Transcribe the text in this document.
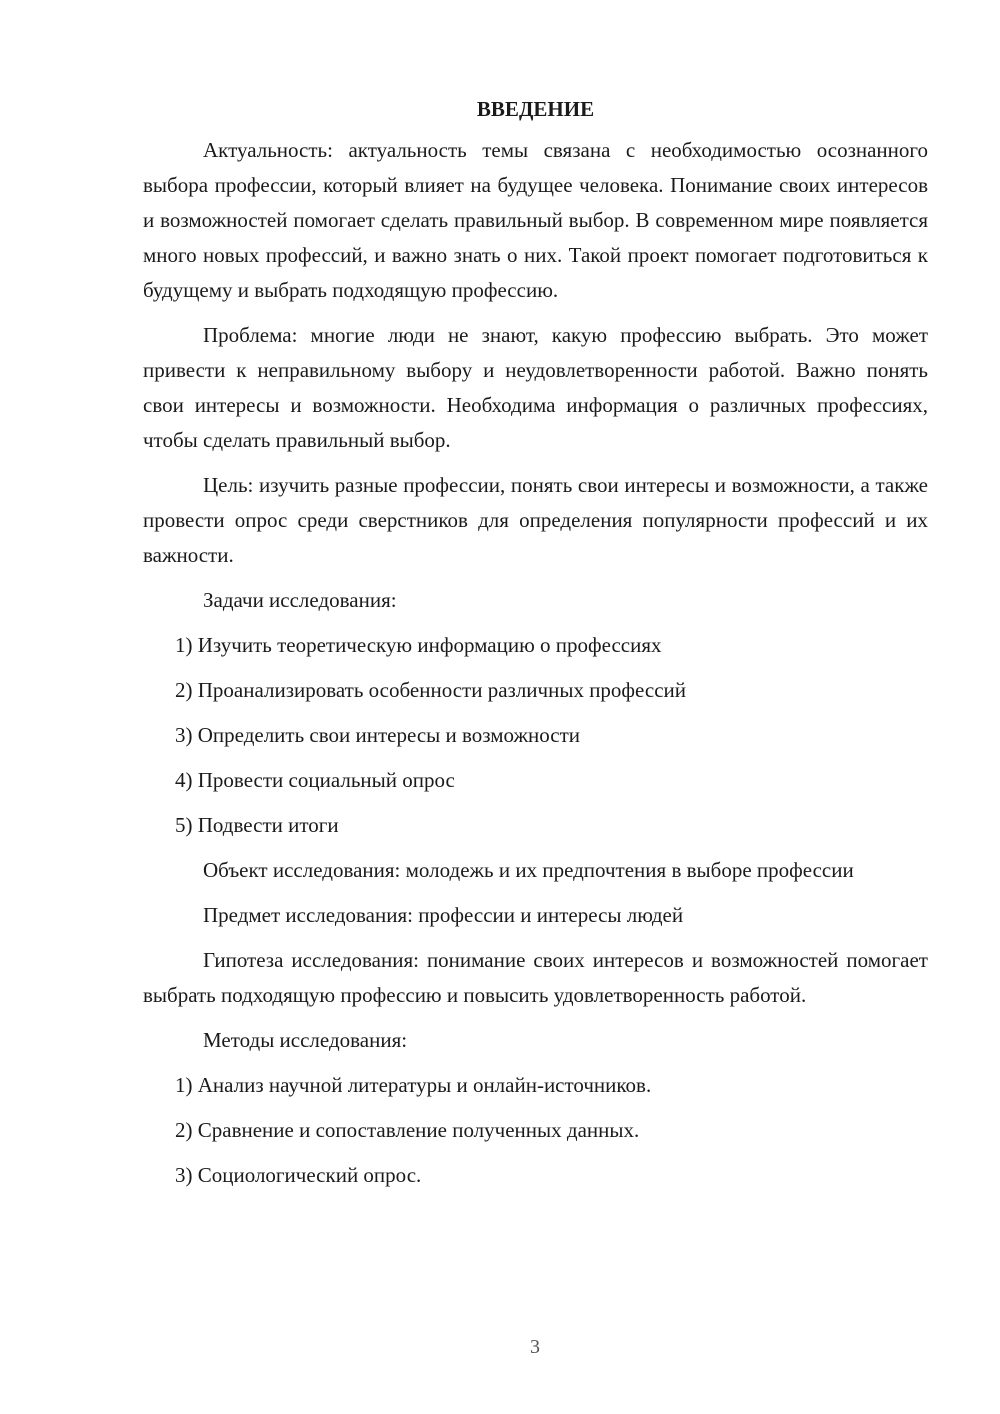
ВВЕДЕНИЕ

Актуальность: актуальность темы связана с необходимостью осознанного выбора профессии, который влияет на будущее человека. Понимание своих интересов и возможностей помогает сделать правильный выбор. В современном мире появляется много новых профессий, и важно знать о них. Такой проект помогает подготовиться к будущему и выбрать подходящую профессию.

Проблема: многие люди не знают, какую профессию выбрать. Это может привести к неправильному выбору и неудовлетворенности работой. Важно понять свои интересы и возможности. Необходима информация о различных профессиях, чтобы сделать правильный выбор.

Цель: изучить разные профессии, понять свои интересы и возможности, а также провести опрос среди сверстников для определения популярности профессий и их важности.

Задачи исследования:

1) Изучить теоретическую информацию о профессиях
2) Проанализировать особенности различных профессий
3) Определить свои интересы и возможности
4) Провести социальный опрос
5) Подвести итоги

Объект исследования: молодежь и их предпочтения в выборе профессии

Предмет исследования: профессии и интересы людей

Гипотеза исследования: понимание своих интересов и возможностей помогает выбрать подходящую профессию и повысить удовлетворенность работой.

Методы исследования:

1) Анализ научной литературы и онлайн-источников.
2) Сравнение и сопоставление полученных данных.
3) Социологический опрос.
3
